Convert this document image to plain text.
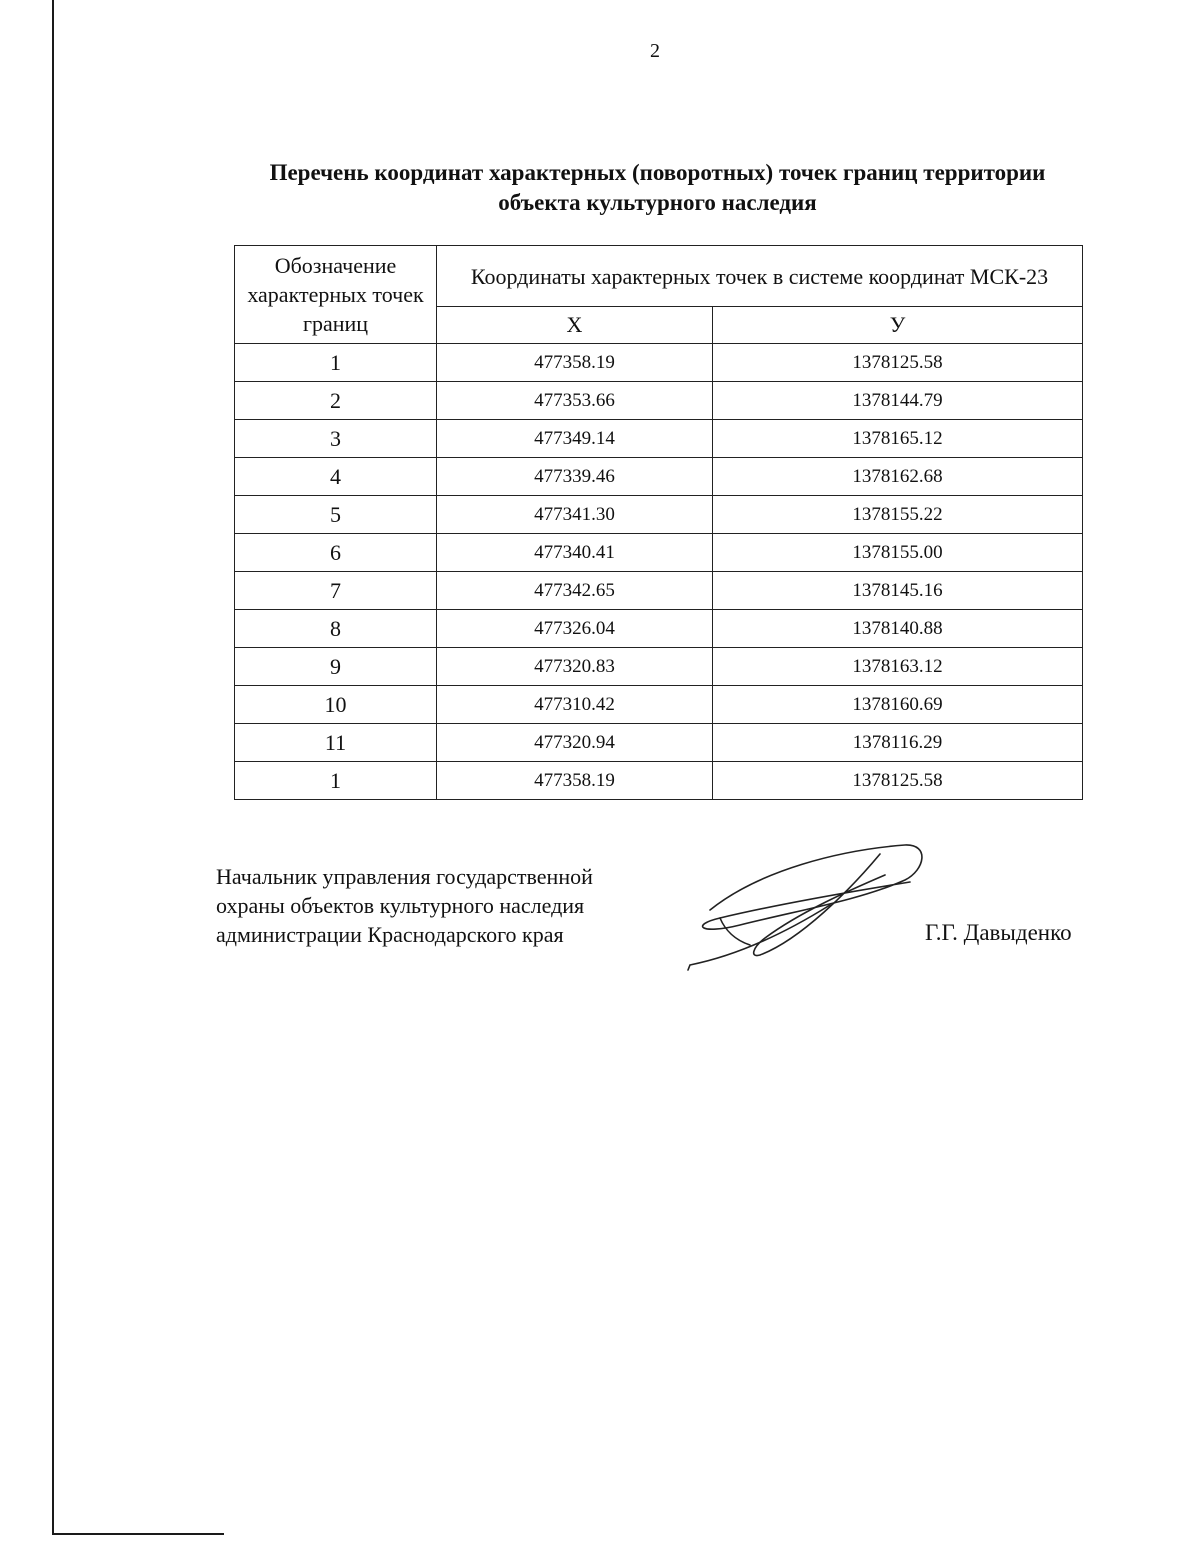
2
Перечень координат характерных (поворотных) точек границ территории
объекта культурного наследия
Обозначение характерных точек границ	Координаты характерных точек в системе координат МСК-23	
	Х	У
1	477358.19	1378125.58
2	477353.66	1378144.79
3	477349.14	1378165.12
4	477339.46	1378162.68
5	477341.30	1378155.22
6	477340.41	1378155.00
7	477342.65	1378145.16
8	477326.04	1378140.88
9	477320.83	1378163.12
10	477310.42	1378160.69
11	477320.94	1378116.29
1	477358.19	1378125.58
Начальник управления государственной
охраны объектов культурного наследия
администрации Краснодарского края	Г.Г. Давыденко
